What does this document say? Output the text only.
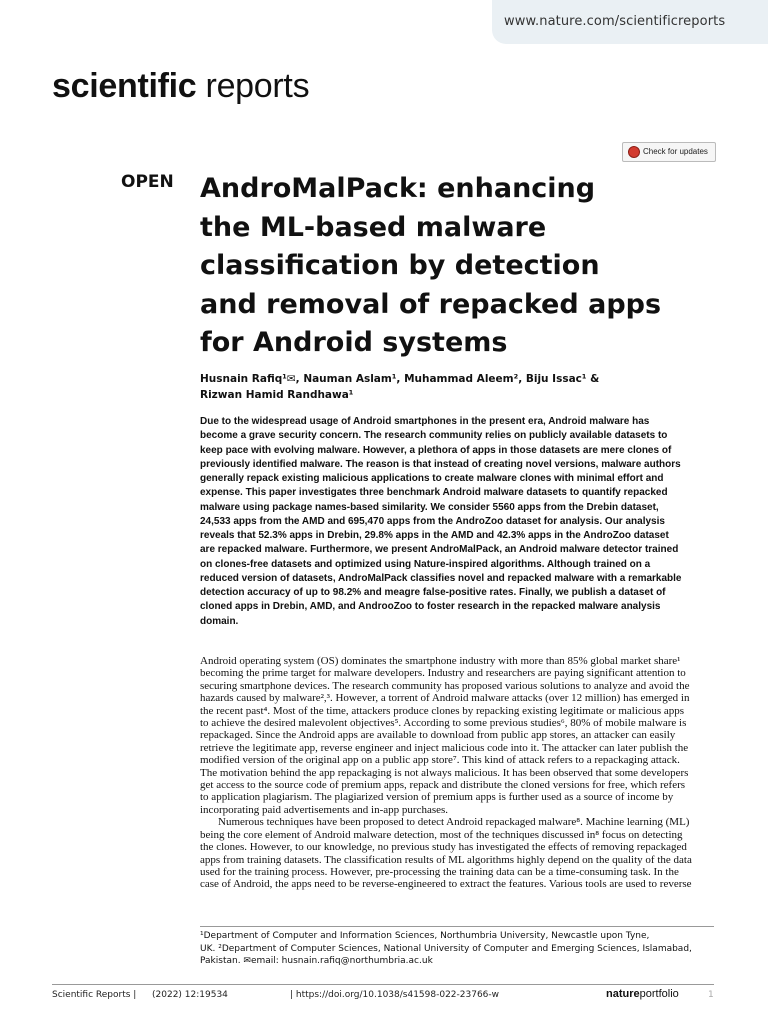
www.nature.com/scientificreports
scientific reports
Check for updates
OPEN AndroMalPack: enhancing
the ML-based malware
classification by detection
and removal of repacked apps
for Android systems
Husnain Rafiq¹✉, Nauman Aslam¹, Muhammad Aleem², Biju Issac¹ &
Rizwan Hamid Randhawa¹
Due to the widespread usage of Android smartphones in the present era, Android malware has
become a grave security concern. The research community relies on publicly available datasets to
keep pace with evolving malware. However, a plethora of apps in those datasets are mere clones of
previously identified malware. The reason is that instead of creating novel versions, malware authors
generally repack existing malicious applications to create malware clones with minimal effort and
expense. This paper investigates three benchmark Android malware datasets to quantify repacked
malware using package names-based similarity. We consider 5560 apps from the Drebin dataset,
24,533 apps from the AMD and 695,470 apps from the AndroZoo dataset for analysis. Our analysis
reveals that 52.3% apps in Drebin, 29.8% apps in the AMD and 42.3% apps in the AndroZoo dataset
are repacked malware. Furthermore, we present AndroMalPack, an Android malware detector trained
on clones-free datasets and optimized using Nature-inspired algorithms. Although trained on a
reduced version of datasets, AndroMalPack classifies novel and repacked malware with a remarkable
detection accuracy of up to 98.2% and meagre false-positive rates. Finally, we publish a dataset of
cloned apps in Drebin, AMD, and AndrooZoo to foster research in the repacked malware analysis
domain.
Android operating system (OS) dominates the smartphone industry with more than 85% global market share¹
becoming the prime target for malware developers. Industry and researchers are paying significant attention to
securing smartphone devices. The research community has proposed various solutions to analyze and avoid the
hazards caused by malware²,³. However, a torrent of Android malware attacks (over 12 million) has emerged in
the recent past⁴. Most of the time, attackers produce clones by repacking existing legitimate or malicious apps
to achieve the desired malevolent objectives⁵. According to some previous studies⁶, 80% of mobile malware is
repackaged. Since the Android apps are available to download from public app stores, an attacker can easily
retrieve the legitimate app, reverse engineer and inject malicious code into it. The attacker can later publish the
modified version of the original app on a public app store⁷. This kind of attack refers to a repackaging attack.
The motivation behind the app repackaging is not always malicious. It has been observed that some developers
get access to the source code of premium apps, repack and distribute the cloned versions for free, which refers
to application plagiarism. The plagiarized version of premium apps is further used as a source of income by
incorporating paid advertisements and in-app purchases.
Numerous techniques have been proposed to detect Android repackaged malware⁸. Machine learning (ML)
being the core element of Android malware detection, most of the techniques discussed in⁸ focus on detecting
the clones. However, to our knowledge, no previous study has investigated the effects of removing repackaged
apps from training datasets. The classification results of ML algorithms highly depend on the quality of the data
used for the training process. However, pre-processing the training data can be a time-consuming task. In the
case of Android, the apps need to be reverse-engineered to extract the features. Various tools are used to reverse
¹Department of Computer and Information Sciences, Northumbria University, Newcastle upon Tyne,
UK. ²Department of Computer Sciences, National University of Computer and Emerging Sciences, Islamabad,
Pakistan. ✉email: husnain.rafiq@northumbria.ac.uk
Scientific Reports | (2022) 12:19534	| https://doi.org/10.1038/s41598-022-23766-w	natureportfolio	1
